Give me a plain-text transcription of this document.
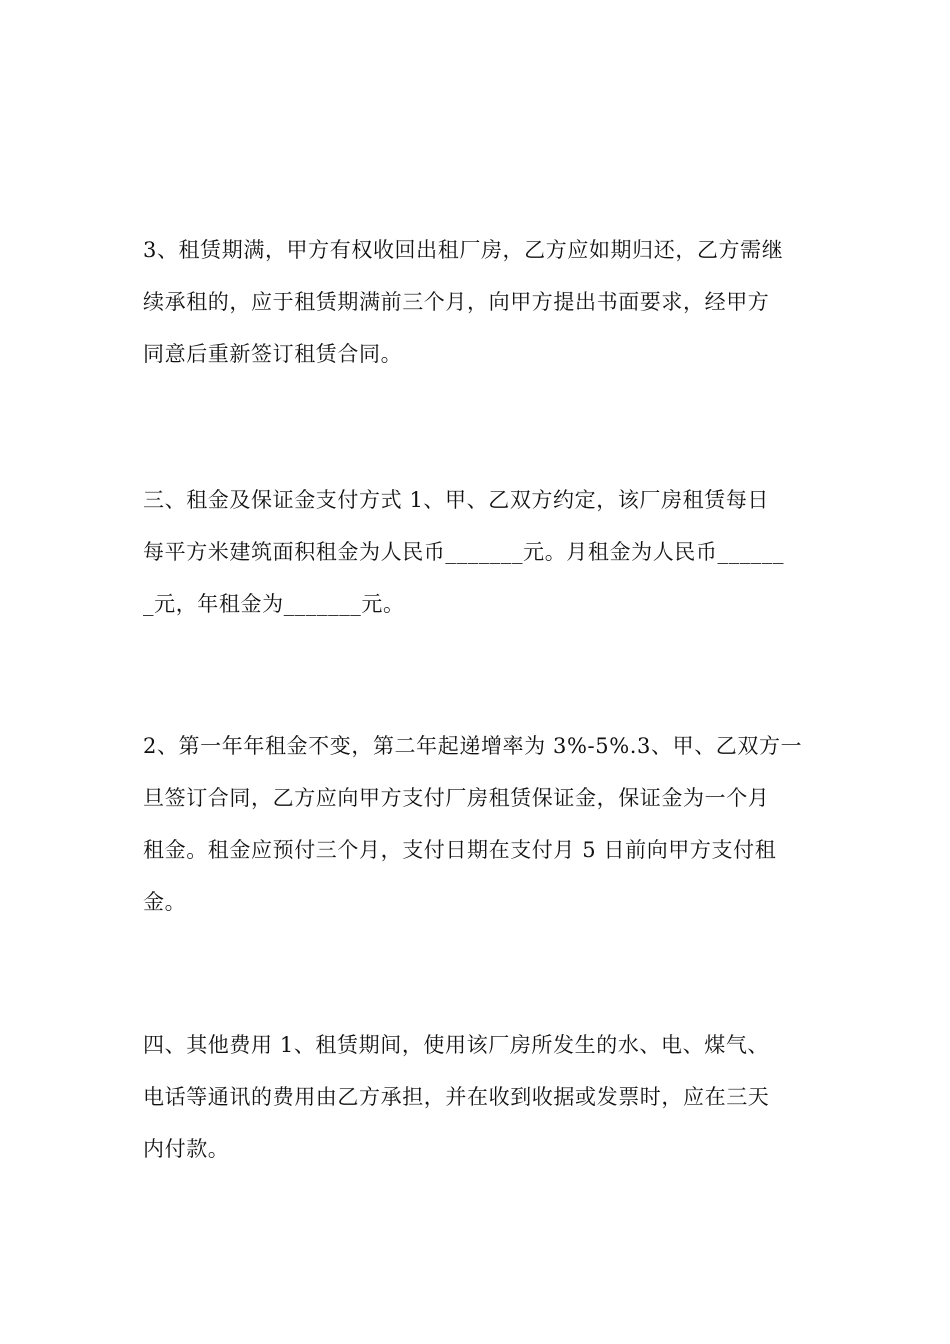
3、租赁期满，甲方有权收回出租厂房，乙方应如期归还，乙方需继
续承租的，应于租赁期满前三个月，向甲方提出书面要求，经甲方
同意后重新签订租赁合同。
三、租金及保证金支付方式 1、甲、乙双方约定，该厂房租赁每日
每平方米建筑面积租金为人民币_______元。月租金为人民币______
_元，年租金为_______元。
2、第一年年租金不变，第二年起递增率为 3%-5%.3、甲、乙双方一
旦签订合同，乙方应向甲方支付厂房租赁保证金，保证金为一个月
租金。租金应预付三个月，支付日期在支付月 5 日前向甲方支付租
金。
四、其他费用 1、租赁期间，使用该厂房所发生的水、电、煤气、
电话等通讯的费用由乙方承担，并在收到收据或发票时，应在三天
内付款。
